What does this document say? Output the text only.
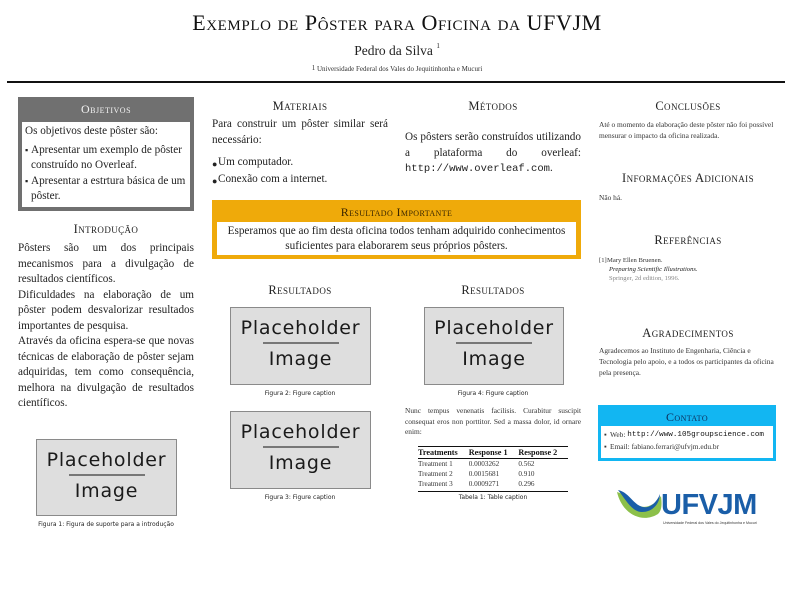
Exemplo de Pôster para Oficina da UFVJM
Pedro da Silva $^1$
$^1$ Universidade Federal dos Vales do Jequitinhonha e Mucuri
Objetivos
Os objetivos deste pôster são:
▪ Apresentar um exemplo de pôster construído no Overleaf.
▪ Apresentar a estrtura básica de um pôster.
Introdução
Pôsters são um dos principais mecanismos para a divulgação de resultados científicos.
Dificuldades na elaboração de um pôster podem desvalorizar resultados importantes de pesquisa.
Através da oficina espera-se que novas técnicas de elaboração de pôster sejam adquiridas, tem como consequência, melhora na divulgação de resultados científicos.
Placeholder
Image
Figura 1: Figura de suporte para a introdução
Materiais
Para construir um pôster similar será necessário:
● Um computador.
● Conexão com a internet.
Métodos
Os pôsters serão construídos utilizando a plataforma do overleaf: http://www.overleaf.com.
Resultado Importante
Esperamos que ao fim desta oficina todos tenham adquirido conhecimentos suficientes para elaborarem seus próprios pôsters.
Resultados
Placeholder
Image
Figura 2: Figure caption
Placeholder
Image
Figura 3: Figure caption
Resultados
Placeholder
Image
Figura 4: Figure caption
Nunc tempus venenatis facilisis. Curabitur suscipit consequat eros non porttitor. Sed a massa dolor, id ornare enim:
Treatments	Response 1	Response 2
Treatment 1	0.0003262	0.562
Treatment 2	0.0015681	0.910
Treatment 3	0.0009271	0.296
Tabela 1: Table caption
Conclusões
Até o momento da elaboração deste pôster não foi possível mensurar o impacto da oficina realizada.
Informações Adicionais
Não há.
Referências
[1]Mary Ellen Bruenen.
Preparing Scientific Illustrations.
Springer, 2d edition, 1996.
Agradecimentos
Agradecemos ao Instituto de Engenharia, Ciência e Tecnologia pelo apoio, e a todos os participantes da oficina pela presença.
Contato
▪ Web:
http://www.105groupscience.com
▪ Email:
fabiano.ferrari@ufvjm.edu.br
UFVJM
Universidade Federal dos Vales do Jequitinhonha e Mucuri
